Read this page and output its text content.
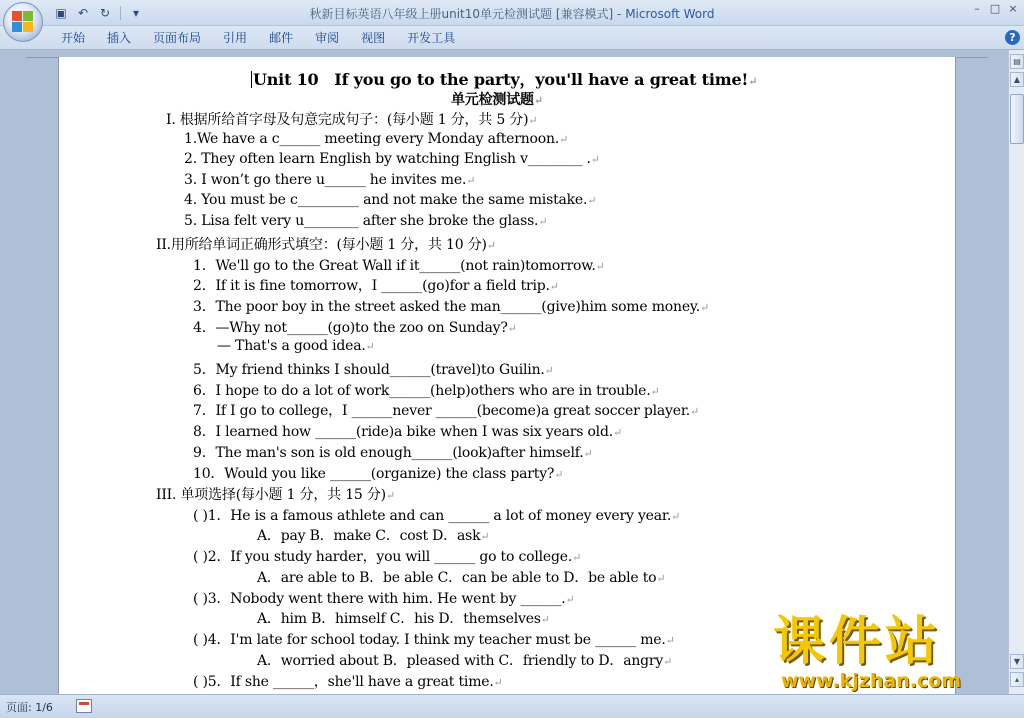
▣ ↶ ↻	▾	秋新目标英语八年级上册unit10单元检测试题 [兼容模式] - Microsoft Word	– □ ×
开始	插入	页面布局	引用	邮件	审阅	视图	开发工具	?
Unit 10　If you go to the party，you'll have a great time!↵
单元检测试题↵
I. 根据所给首字母及句意完成句子：(每小题 1 分，共 5 分)↵
1.We have a c______ meeting every Monday afternoon.↵
2. They often learn English by watching English v________ .↵
3. I won’t go there u______ he invites me.↵
4. You must be c_________ and not make the same mistake.↵
5. Lisa felt very u________ after she broke the glass.↵
II.用所给单词正确形式填空：(每小题 1 分，共 10 分)↵
1．We'll go to the Great Wall if it______(not rain)tomorrow.↵
2．If it is fine tomorrow，I ______(go)for a field trip.↵
3．The poor boy in the street asked the man______(give)him some money.↵
4．—Why not______(go)to the zoo on Sunday?↵
— That's a good idea.↵
5．My friend thinks I should______(travel)to Guilin.↵
6．I hope to do a lot of work______(help)others who are in trouble.↵
7．If I go to college，I ______never ______(become)a great soccer player.↵
8．I learned how ______(ride)a bike when I was six years old.↵
9．The man's son is old enough______(look)after himself.↵
10．Would you like ______(organize) the class party?↵
III. 单项选择(每小题 1 分，共 15 分)↵
( )1．He is a famous athlete and can ______ a lot of money every year.↵
A．pay B．make C．cost D．ask↵
( )2．If you study harder，you will ______ go to college.↵
A．are able to B．be able C．can be able to D．be able to↵
( )3．Nobody went there with him. He went by ______.↵
A．him B．himself C．his D．themselves↵
( )4．I'm late for school today. I think my teacher must be ______ me.↵
A．worried about B．pleased with C．friendly to D．angry↵
( )5．If she ______，she'll have a great time.↵
▤
▲
▼
▴
页面: 1/6
课件站
www.kjzhan.com
